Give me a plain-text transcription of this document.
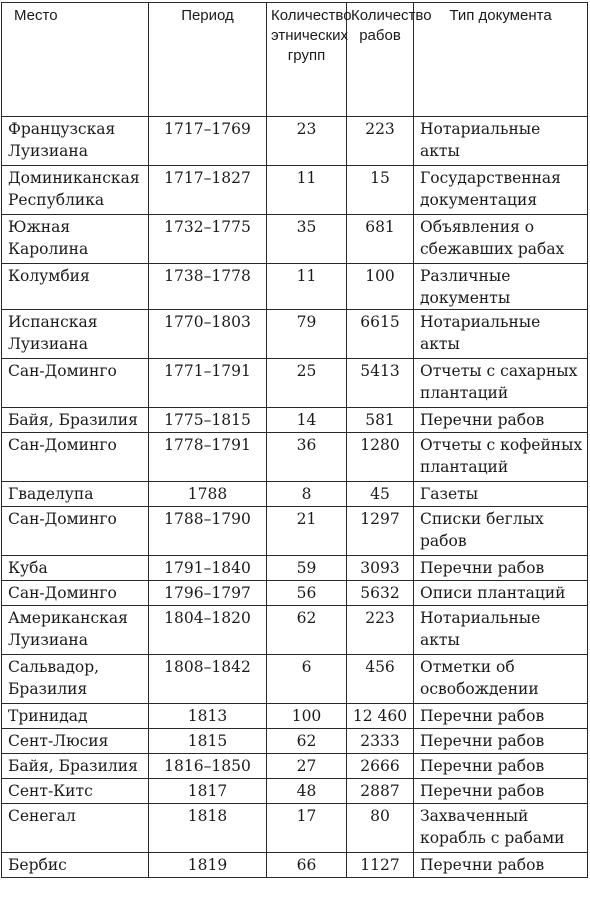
Место	Период	Количество этнических групп	Количество рабов	Тип документа
Французская Луизиана	1717–1769	23	223	Нотариальные акты
Доминиканская Республика	1717–1827	11	15	Государственная документация
Южная Каролина	1732–1775	35	681	Объявления о сбежавших рабах
Колумбия	1738–1778	11	100	Различные документы
Испанская Луизиана	1770–1803	79	6615	Нотариальные акты
Сан-Доминго	1771–1791	25	5413	Отчеты с сахарных плантаций
Байя, Бразилия	1775–1815	14	581	Перечни рабов
Сан-Доминго	1778–1791	36	1280	Отчеты с кофейных плантаций
Гваделупа	1788	8	45	Газеты
Сан-Доминго	1788–1790	21	1297	Списки беглых рабов
Куба	1791–1840	59	3093	Перечни рабов
Сан-Доминго	1796–1797	56	5632	Описи плантаций
Американская Луизиана	1804–1820	62	223	Нотариальные акты
Сальвадор, Бразилия	1808–1842	6	456	Отметки об освобождении
Тринидад	1813	100	12 460	Перечни рабов
Сент-Люсия	1815	62	2333	Перечни рабов
Байя, Бразилия	1816–1850	27	2666	Перечни рабов
Сент-Китс	1817	48	2887	Перечни рабов
Сенегал	1818	17	80	Захваченный корабль с рабами
Бербис	1819	66	1127	Перечни рабов
